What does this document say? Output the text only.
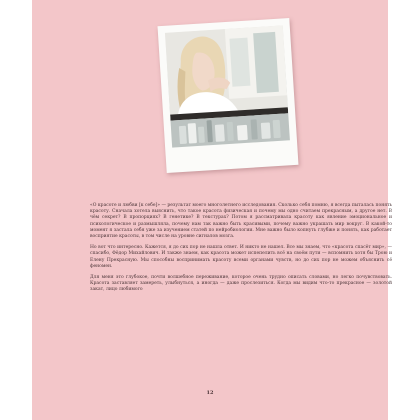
«О красоте и любви [к себе]» — результат моего многолетнего исследования. Сколько себя помню, я всегда пыталась понять красоту. Сначала хотела выяснить, что такое красота физическая и почему мы одно считаем прекрасным, а другое нет. В чём секрет? В пропорциях? В генетике? В текстурах? Потом я рассматривала красоту как явление эмоциональное и психологическое и размышляла, почему нам так важно быть красивыми, почему важно украшать мир вокруг. В какой-то момент я застала себя уже за изучением статей по нейробиологии. Мне важно было копнуть глубже и понять, как работает восприятие красоты, в том числе на уровне сигналов мозга.

Но вот что интересно. Кажется, я до сих пор не нашла ответ. И никто не нашел. Все мы знаем, что «красота спасёт мир», — спасибо, Фёдор Михайлович. И также знаем, как красота может испепелить всё на своём пути — вспомнить хотя бы Трою и Елену Прекрасную. Мы способны воспринимать красоту всеми органами чувств, но до сих пор не можем объяснить сё феномен.

Для меня это глубокое, почти волшебное переживание, которое очень трудно описать словами, но легко почувствовать. Красота заставляет замереть, улыбнуться, а иногда — даже прослезиться. Когда мы видим что-то прекрасное — золотой закат, лицо любимого

12
